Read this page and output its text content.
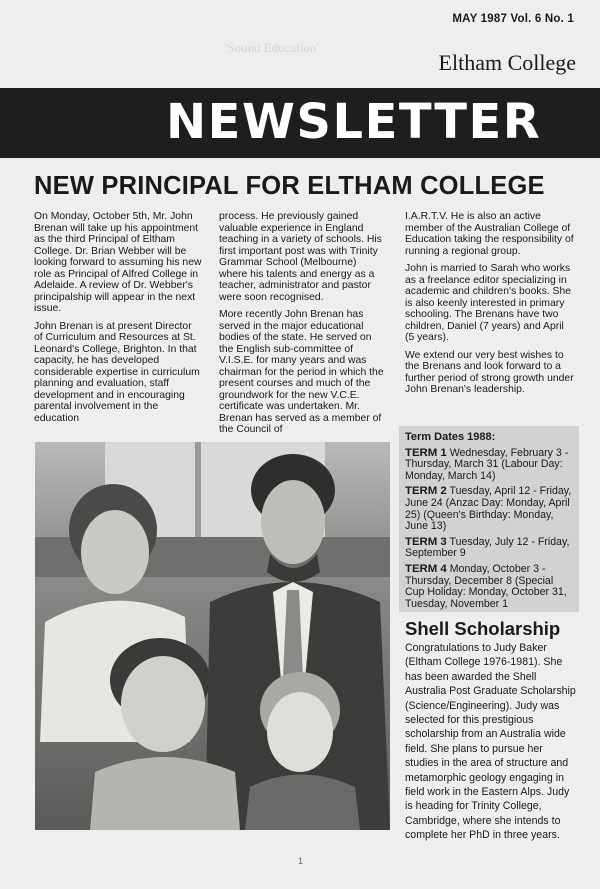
MAY 1987 Vol. 6 No. 1
'Sound Education'
Eltham College
NEWSLETTER
NEW PRINCIPAL FOR ELTHAM COLLEGE

On Monday, October 5th, Mr. John Brenan will take up his appointment as the third Principal of Eltham College. Dr. Brian Webber will be looking forward to assuming his new role as Principal of Alfred College in Adelaide. A review of Dr. Webber's principalship will appear in the next issue.

John Brenan is at present Director of Curriculum and Resources at St. Leonard's College, Brighton. In that capacity, he has developed considerable expertise in curriculum planning and evaluation, staff development and in encouraging parental involvement in the education

process. He previously gained valuable experience in England teaching in a variety of schools. His first important post was with Trinity Grammar School (Melbourne) where his talents and energy as a teacher, administrator and pastor were soon recognised.

More recently John Brenan has served in the major educational bodies of the state. He served on the English sub-committee of V.I.S.E. for many years and was chairman for the period in which the present courses and much of the groundwork for the new V.C.E. certificate was undertaken. Mr. Brenan has served as a member of the Council of

I.A.R.T.V. He is also an active member of the Australian College of Education taking the responsibility of running a regional group.

John is married to Sarah who works as a freelance editor specializing in academic and children's books. She is also keenly interested in primary schooling. The Brenans have two children, Daniel (7 years) and April (5 years).

We extend our very best wishes to the Brenans and look forward to a further period of strong growth under John Brenan's leadership.

Term Dates 1988:
TERM 1 Wednesday, February 3 - Thursday, March 31 (Labour Day: Monday, March 14)
TERM 2 Tuesday, April 12 - Friday, June 24 (Anzac Day: Monday, April 25) (Queen's Birthday: Monday, June 13)
TERM 3 Tuesday, July 12 - Friday, September 9
TERM 4 Monday, October 3 - Thursday, December 8 (Special Cup Holiday: Monday, October 31, Tuesday, November 1
Shell Scholarship
Congratulations to Judy Baker (Eltham College 1976-1981). She has been awarded the Shell Australia Post Graduate Scholarship (Science/Engineering). Judy was selected for this prestigious scholarship from an Australia wide field. She plans to pursue her studies in the area of structure and metamorphic geology engaging in field work in the Eastern Alps. Judy is heading for Trinity College, Cambridge, where she intends to complete her PhD in three years.
1
